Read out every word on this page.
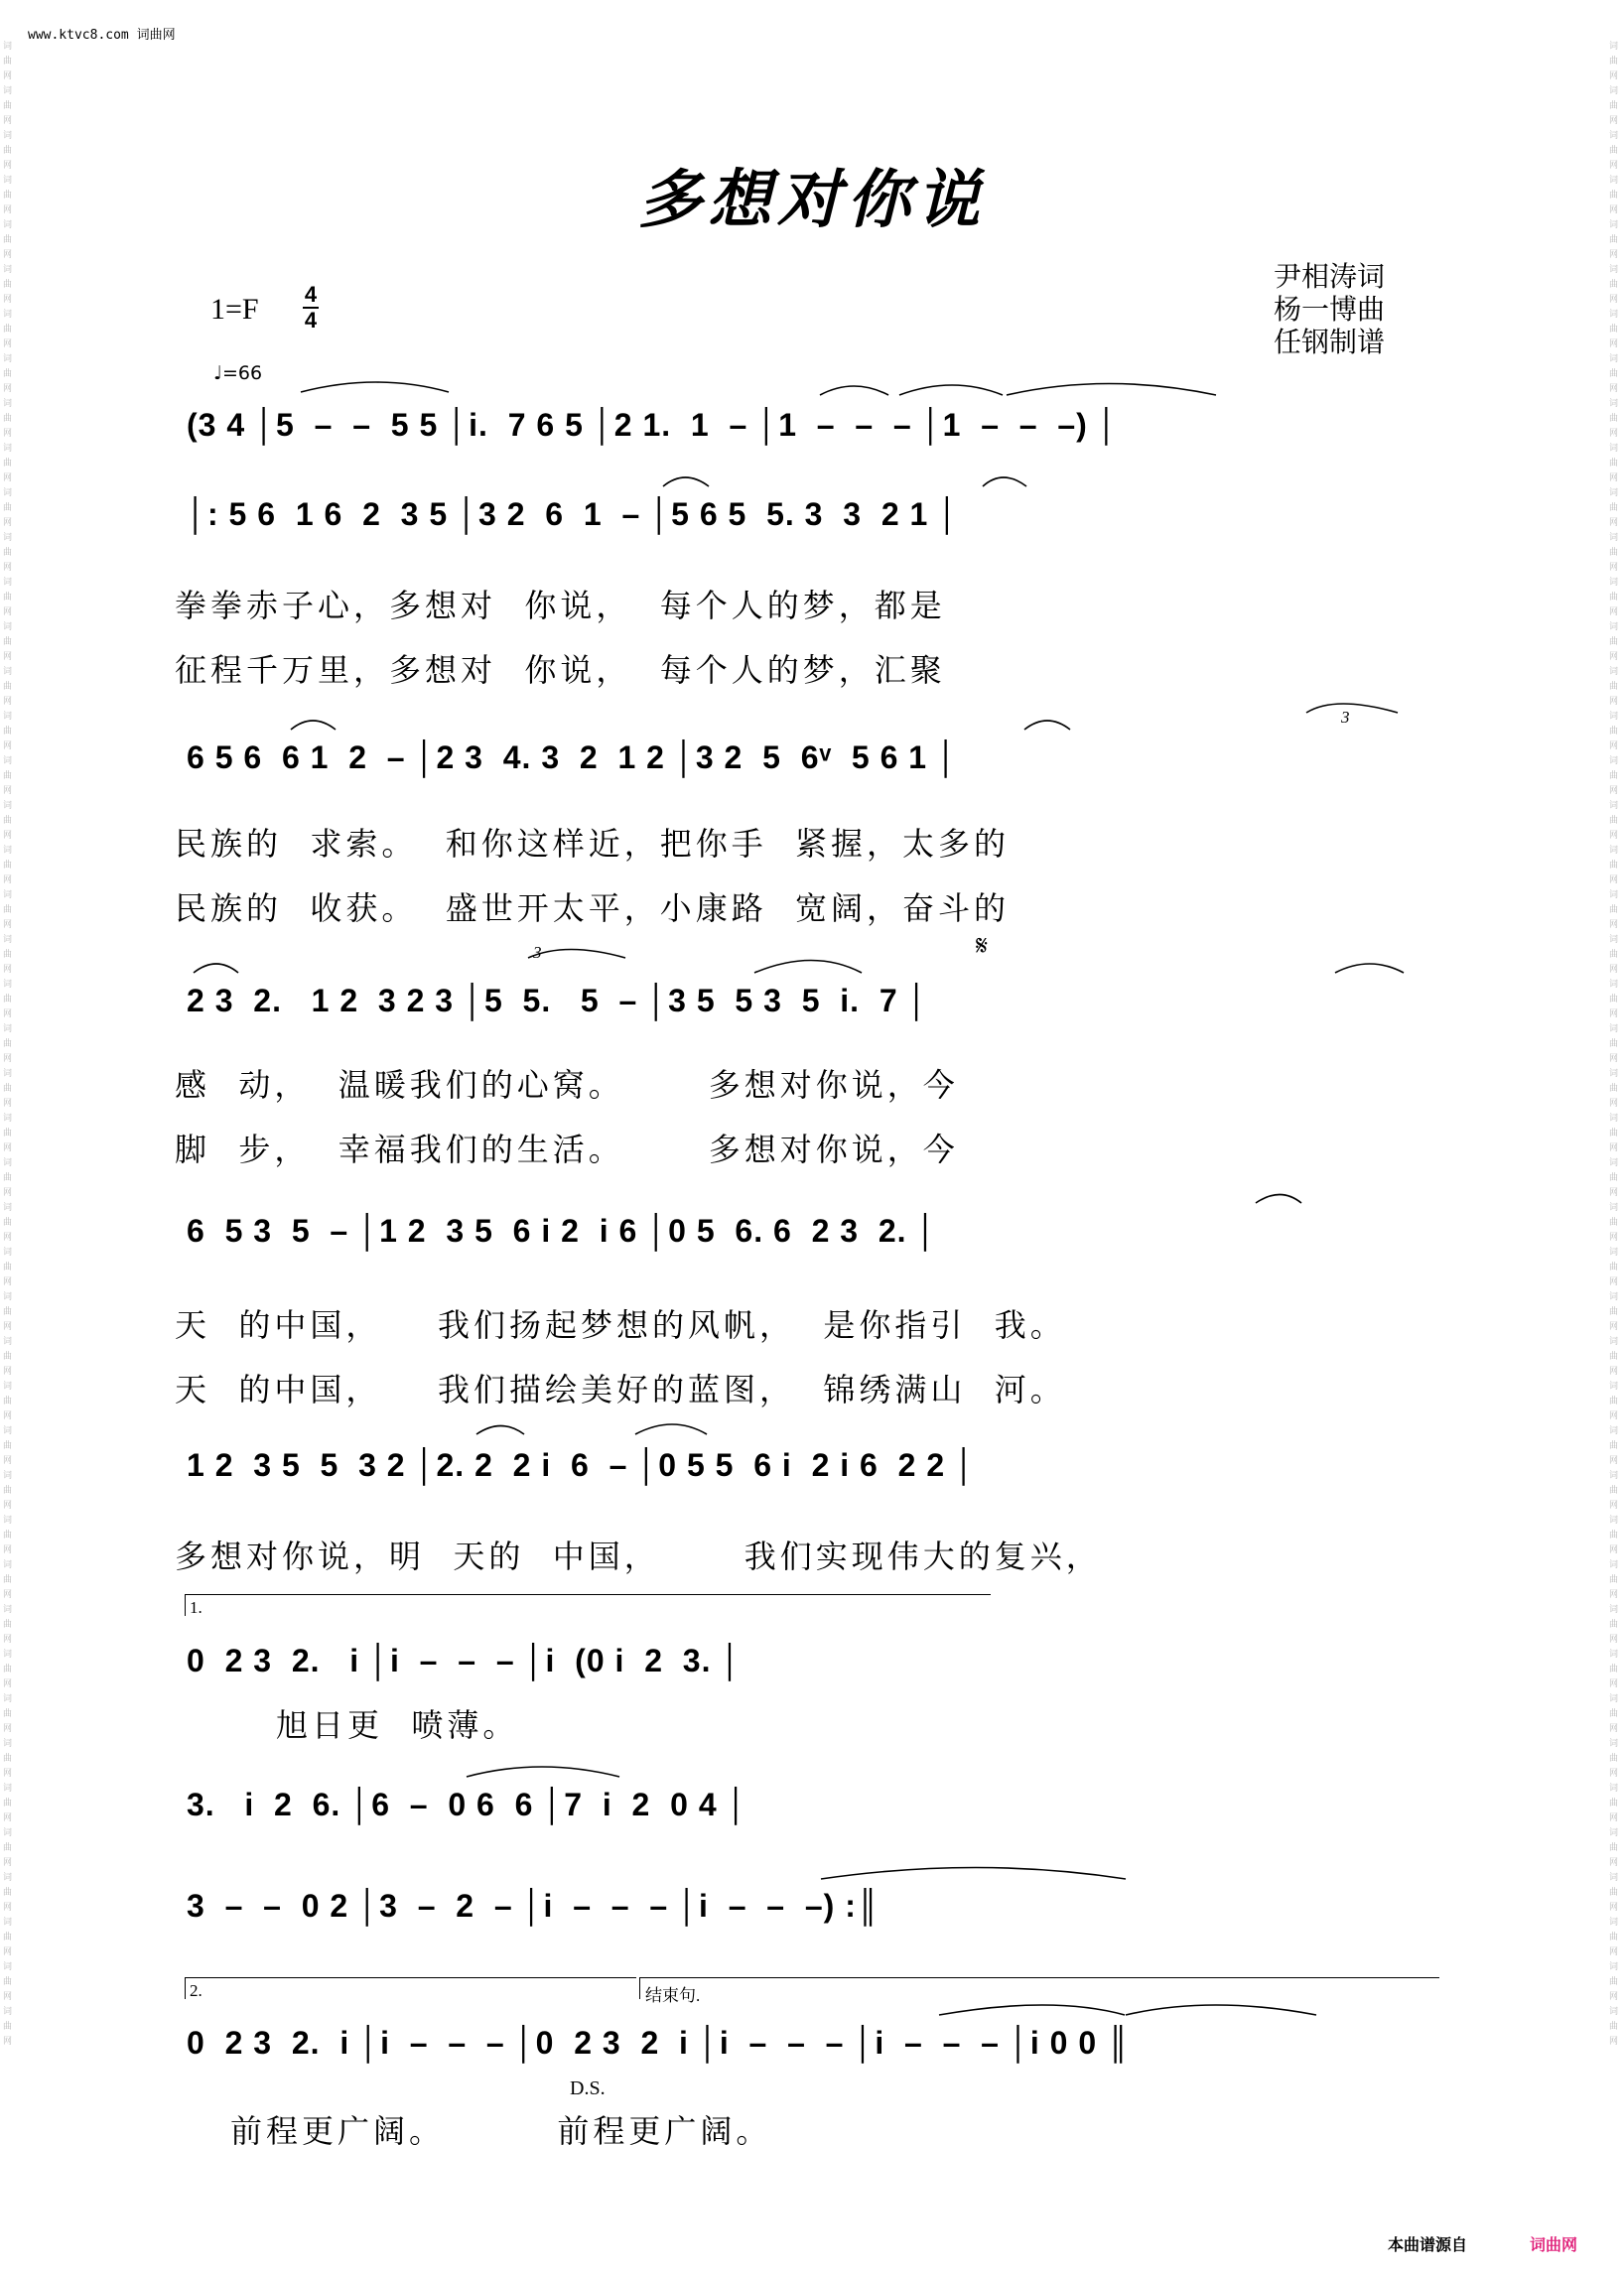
www.ktvc8.com 词曲网
词曲网词曲网词曲网词曲网词曲网词曲网词曲网词曲网词曲网词曲网词曲网词曲网词曲网词曲网词曲网词曲网词曲网词曲网词曲网词曲网词曲网词曲网词曲网词曲网词曲网词曲网词曲网词曲网词曲网词曲网词曲网词曲网词曲网词曲网词曲网词曲网词曲网词曲网词曲网词曲网词曲网词曲网词曲网词曲网词曲网
词曲网词曲网词曲网词曲网词曲网词曲网词曲网词曲网词曲网词曲网词曲网词曲网词曲网词曲网词曲网词曲网词曲网词曲网词曲网词曲网词曲网词曲网词曲网词曲网词曲网词曲网词曲网词曲网词曲网词曲网词曲网词曲网词曲网词曲网词曲网词曲网词曲网词曲网词曲网词曲网词曲网词曲网词曲网词曲网词曲网
多想对你说
尹相涛词
杨一博曲
任钢制谱
1=F 4
4
♩=66
(3 4 │5  –  –  5 5 │i.  7 6 5 │2 1.  1  – │1  –  –  – │1  –  –  –) │
│: 5 6  1 6  2  3 5 │3 2  6  1  – │5 6 5  5. 3  3  2 1 │
6 5 6  6 1  2  – │2 3  4. 3  2  1 2 │3 2  5  6ᵛ  5 6 1 │
2 3  2.   1 2  3 2 3 │5  5.   5  – │3 5  5 3  5  i.  7 │
6  5 3  5  – │1 2  3 5  6 i 2  i 6 │0 5  6. 6  2 3  2. │
1 2  3 5  5  3 2 │2. 2  2 i  6  – │0 5 5  6 i  2 i 6  2 2 │
0  2 3  2.   i │i  –  –  – │i  (0 i  2  3. │
3.   i  2  6. │6  –  0 6  6 │7  i  2  0 4 │
3  –  –  0 2 │3  –  2  – │i  –  –  – │i  –  –  –) :║
0  2 3  2.  i │i  –  –  – │0  2 3  2  i │i  –  –  – │i  –  –  – │i 0 0 ║
拳拳赤子心，多想对  你说，  每个人的梦，都是
征程千万里，多想对  你说，  每个人的梦，汇聚
民族的  求索。  和你这样近，把你手  紧握，太多的
民族的  收获。  盛世开太平，小康路  宽阔，奋斗的
感  动，  温暖我们的心窝。      多想对你说，今
脚  步，  幸福我们的生活。      多想对你说，今
天  的中国，    我们扬起梦想的风帆，  是你指引  我。
天  的中国，    我们描绘美好的蓝图，  锦绣满山  河。
多想对你说，明  天的  中国，      我们实现伟大的复兴，
旭日更  喷薄。
前程更广阔。        前程更广阔。
1.
2.	结束句.
𝄋
3
3
D.S.
本曲谱源自	词曲网
